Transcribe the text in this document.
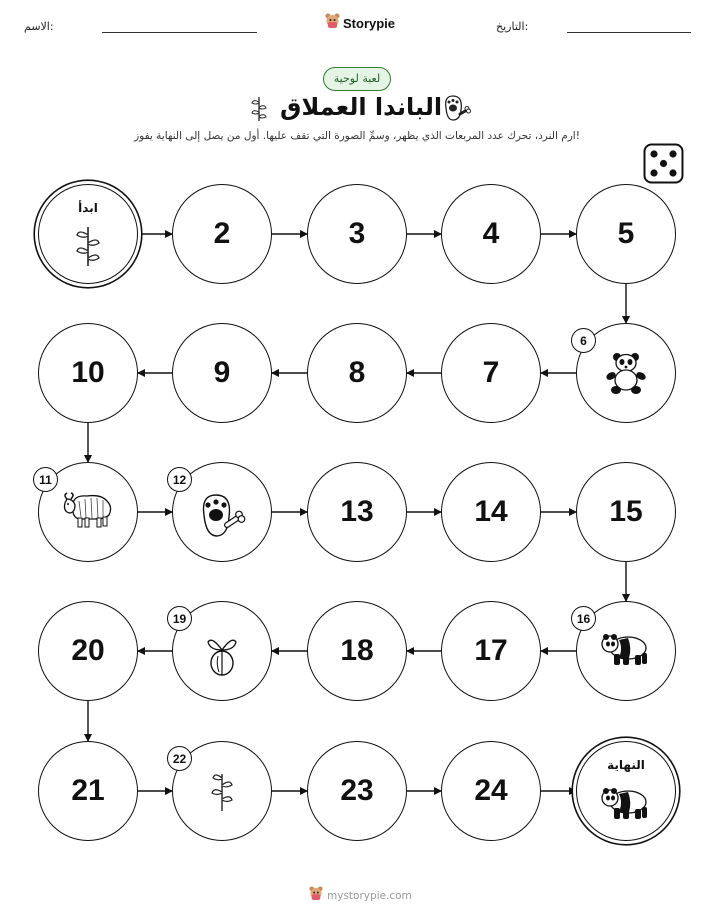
الاسم:	Storypie	التاريخ:
لعبة لوحية
الباندا العملاق
ارم النرد، تحرك عدد المربعات الذي يظهر، وسمِّ الصورة التي تقف عليها. أول من يصل إلى النهاية يفوز!
ابدأ
2	3	4	5
6
7
8
9
10
11	12
13	14	15
16
17
18
19
20
21
22
23	24
النهاية
mystorypie.com
